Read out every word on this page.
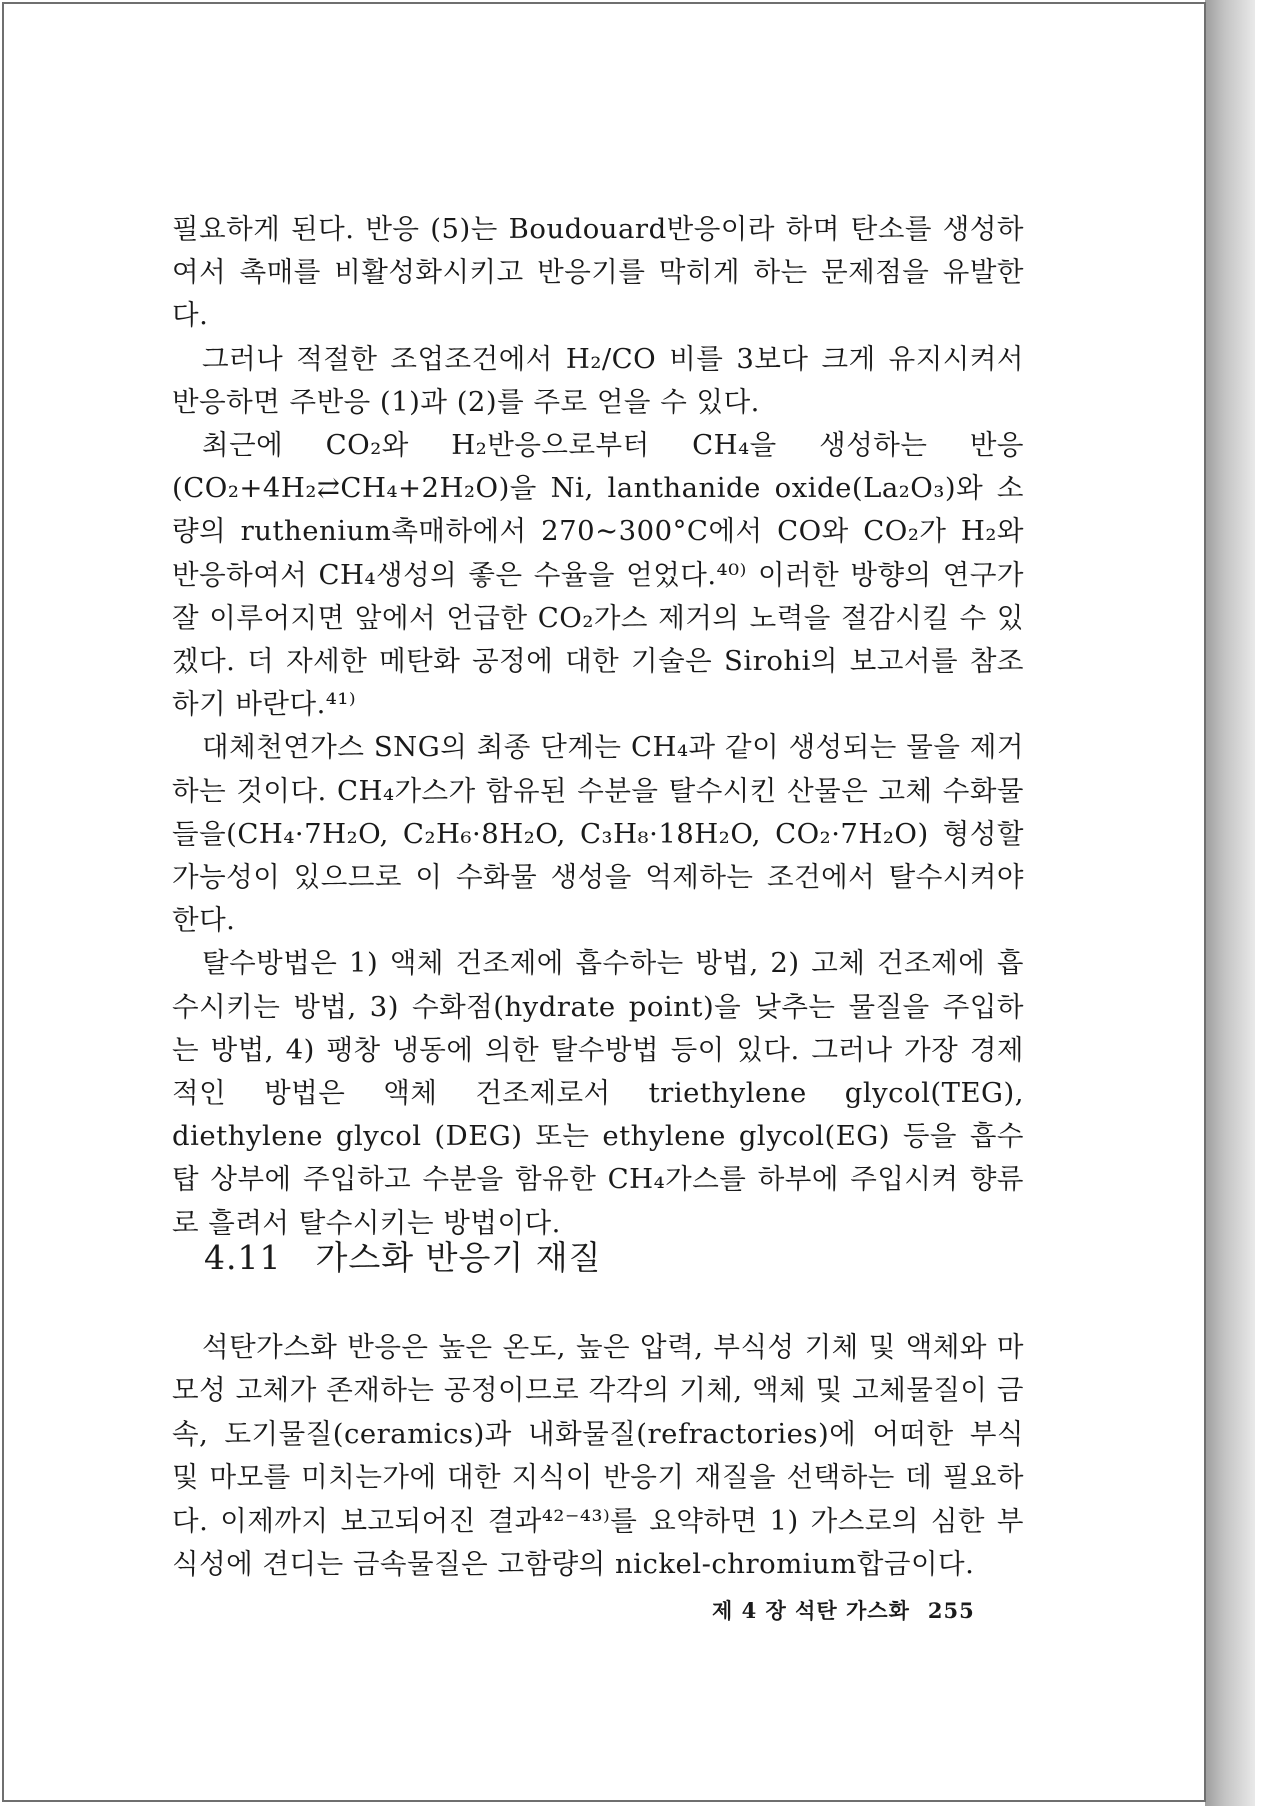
필요하게 된다. 반응 (5)는 Boudouard반응이라 하며 탄소를 생성하여서 촉매를 비활성화시키고 반응기를 막히게 하는 문제점을 유발한다.

그러나 적절한 조업조건에서 H₂/CO 비를 3보다 크게 유지시켜서 반응하면 주반응 (1)과 (2)를 주로 얻을 수 있다.

최근에 CO₂와 H₂반응으로부터 CH₄을 생성하는 반응(CO₂+4H₂⇄CH₄+2H₂O)을 Ni, lanthanide oxide(La₂O₃)와 소량의 ruthenium촉매하에서 270∼300°C에서 CO와 CO₂가 H₂와 반응하여서 CH₄생성의 좋은 수율을 얻었다.⁴⁰⁾ 이러한 방향의 연구가 잘 이루어지면 앞에서 언급한 CO₂가스 제거의 노력을 절감시킬 수 있겠다. 더 자세한 메탄화 공정에 대한 기술은 Sirohi의 보고서를 참조하기 바란다.⁴¹⁾

대체천연가스 SNG의 최종 단계는 CH₄과 같이 생성되는 물을 제거하는 것이다. CH₄가스가 함유된 수분을 탈수시킨 산물은 고체 수화물들을(CH₄·7H₂O, C₂H₆·8H₂O, C₃H₈·18H₂O, CO₂·7H₂O) 형성할 가능성이 있으므로 이 수화물 생성을 억제하는 조건에서 탈수시켜야 한다.

탈수방법은 1) 액체 건조제에 흡수하는 방법, 2) 고체 건조제에 흡수시키는 방법, 3) 수화점(hydrate point)을 낮추는 물질을 주입하는 방법, 4) 팽창 냉동에 의한 탈수방법 등이 있다. 그러나 가장 경제적인 방법은 액체 건조제로서 triethylene glycol(TEG), diethylene glycol (DEG) 또는 ethylene glycol(EG) 등을 흡수탑 상부에 주입하고 수분을 함유한 CH₄가스를 하부에 주입시켜 향류로 흘려서 탈수시키는 방법이다.

4.11 가스화 반응기 재질

석탄가스화 반응은 높은 온도, 높은 압력, 부식성 기체 및 액체와 마모성 고체가 존재하는 공정이므로 각각의 기체, 액체 및 고체물질이 금속, 도기물질(ceramics)과 내화물질(refractories)에 어떠한 부식 및 마모를 미치는가에 대한 지식이 반응기 재질을 선택하는 데 필요하다. 이제까지 보고되어진 결과⁴²⁻⁴³⁾를 요약하면 1) 가스로의 심한 부식성에 견디는 금속물질은 고함량의 nickel-chromium합금이다.

제 4 장 석탄 가스화 255
